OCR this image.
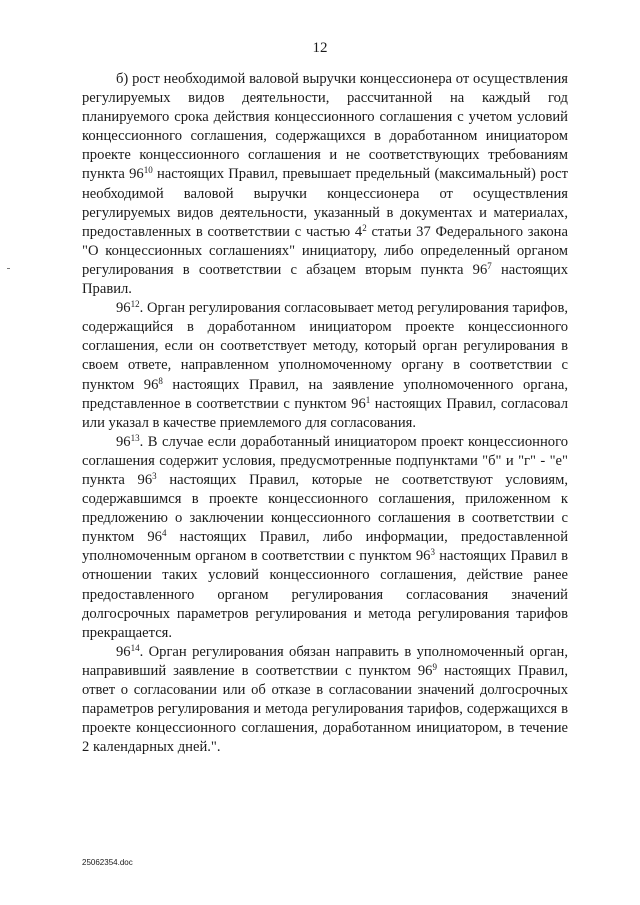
12

б) рост необходимой валовой выручки концессионера от осуществления регулируемых видов деятельности, рассчитанной на каждый год планируемого срока действия концессионного соглашения с учетом условий концессионного соглашения, содержащихся в доработанном инициатором проекте концессионного соглашения и не соответствующих требованиям пункта $96^{10}$ настоящих Правил, превышает предельный (максимальный) рост необходимой валовой выручки концессионера от осуществления регулируемых видов деятельности, указанный в документах и материалах, предоставленных в соответствии с частью $4^2$ статьи 37 Федерального закона "О концессионных соглашениях" инициатору, либо определенный органом регулирования в соответствии с абзацем вторым пункта $96^7$ настоящих Правил.

$96^{12}$. Орган регулирования согласовывает метод регулирования тарифов, содержащийся в доработанном инициатором проекте концессионного соглашения, если он соответствует методу, который орган регулирования в своем ответе, направленном уполномоченному органу в соответствии с пунктом $96^8$ настоящих Правил, на заявление уполномоченного органа, представленное в соответствии с пунктом $96^1$ настоящих Правил, согласовал или указал в качестве приемлемого для согласования.

$96^{13}$. В случае если доработанный инициатором проект концессионного соглашения содержит условия, предусмотренные подпунктами "б" и "г" - "е" пункта $96^3$ настоящих Правил, которые не соответствуют условиям, содержавшимся в проекте концессионного соглашения, приложенном к предложению о заключении концессионного соглашения в соответствии с пунктом $96^4$ настоящих Правил, либо информации, предоставленной уполномоченным органом в соответствии с пунктом $96^3$ настоящих Правил в отношении таких условий концессионного соглашения, действие ранее предоставленного органом регулирования согласования значений долгосрочных параметров регулирования и метода регулирования тарифов прекращается.

$96^{14}$. Орган регулирования обязан направить в уполномоченный орган, направивший заявление в соответствии с пунктом $96^9$ настоящих Правил, ответ о согласовании или об отказе в согласовании значений долгосрочных параметров регулирования и метода регулирования тарифов, содержащихся в проекте концессионного соглашения, доработанном инициатором, в течение 2 календарных дней.".

25062354.doc
